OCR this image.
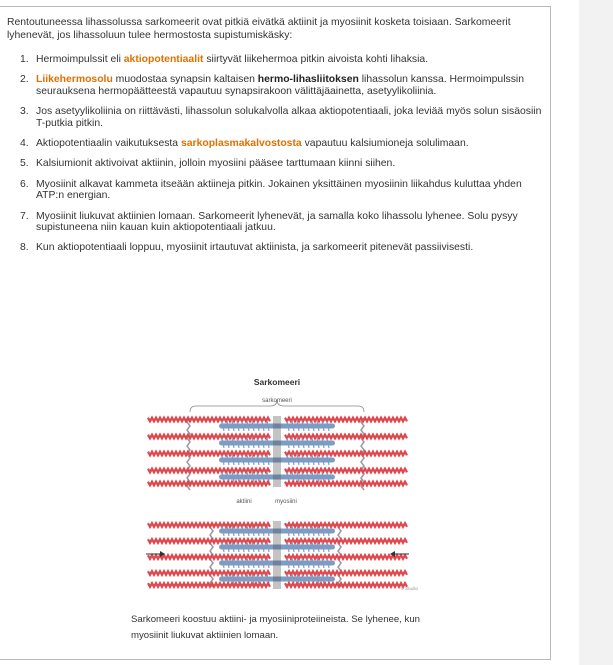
Rentoutuneessa lihassolussa sarkomeerit ovat pitkiä eivätkä aktiinit ja myosiinit kosketa toisiaan. Sarkomeerit lyhenevät, jos lihassoluun tulee hermostosta supistumiskäsky:

1. Hermoimpulssit eli aktiopotentiaalit siirtyvät liikehermoa pitkin aivoista kohti lihaksia.
2. Liikehermosolu muodostaa synapsin kaltaisen hermo-lihasliitoksen lihassolun kanssa. Hermoimpulssin seurauksena hermopäätteestä vapautuu synapsirakoon välittäjäainetta, asetyylikoliinia.
3. Jos asetyylikoliinia on riittävästi, lihassolun solukalvolla alkaa aktiopotentiaali, joka leviää myös solun sisäosiin T-putkia pitkin.
4. Aktiopotentiaalin vaikutuksesta sarkoplasmakalvostosta vapautuu kalsiumioneja solulimaan.
5. Kalsiumionit aktivoivat aktiinin, jolloin myosiini pääsee tarttumaan kiinni siihen.
6. Myosiinit alkavat kammeta itseään aktiineja pitkin. Jokainen yksittäinen myosiinin liikahdus kuluttaa yhden ATP:n energian.
7. Myosiinit liukuvat aktiinien lomaan. Sarkomeerit lyhenevät, ja samalla koko lihassolu lyhenee. Solu pysyy supistuneena niin kauan kuin aktiopotentiaali jatkuu.
8. Kun aktiopotentiaali loppuu, myosiinit irtautuvat aktiinista, ja sarkomeerit pitenevät passiivisesti.
Sarkomeeri
sarkomeeri
aktiini	myosiini
© Studio

Sarkomeeri koostuu aktiini- ja myosiiniproteiineista. Se lyhenee, kun myosiinit liukuvat aktiinien lomaan.
